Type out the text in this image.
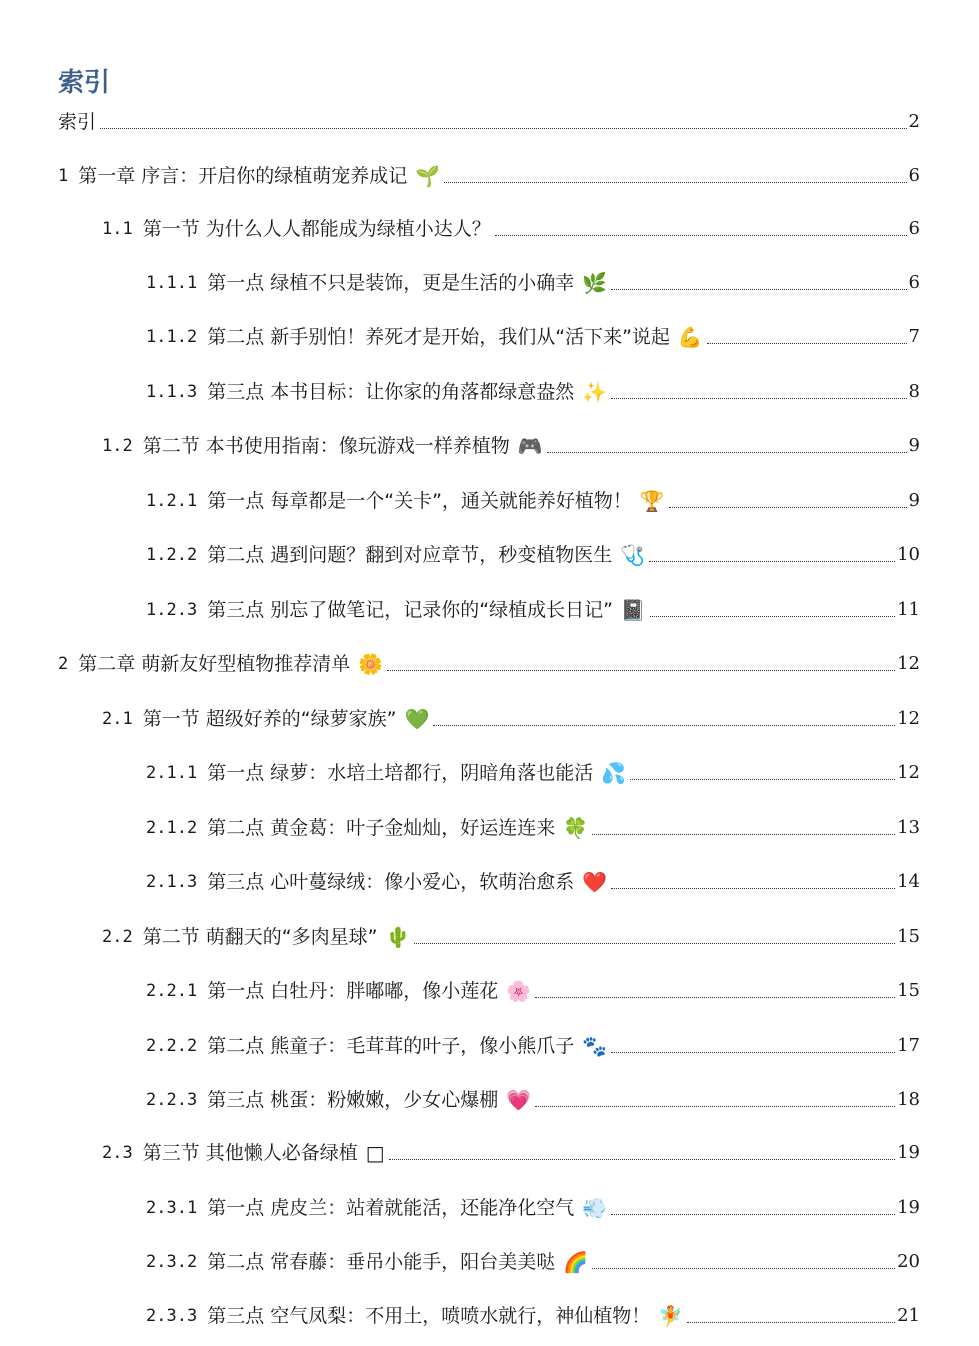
索引
索引	2
1 第一章 序言：开启你的绿植萌宠养成记 🌱	6
1.1 第一节 为什么人人都能成为绿植小达人？	6
1.1.1 第一点 绿植不只是装饰，更是生活的小确幸 🌿	6
1.1.2 第二点 新手别怕！养死才是开始，我们从“活下来”说起 💪	7
1.1.3 第三点 本书目标：让你家的角落都绿意盎然 ✨	8
1.2 第二节 本书使用指南：像玩游戏一样养植物 🎮	9
1.2.1 第一点 每章都是一个“关卡”，通关就能养好植物！ 🏆	9
1.2.2 第二点 遇到问题？翻到对应章节，秒变植物医生 🩺	10
1.2.3 第三点 别忘了做笔记，记录你的“绿植成长日记” 📓	11
2 第二章 萌新友好型植物推荐清单 🌼	12
2.1 第一节 超级好养的“绿萝家族” 💚	12
2.1.1 第一点 绿萝：水培土培都行，阴暗角落也能活 💦	12
2.1.2 第二点 黄金葛：叶子金灿灿，好运连连来 🍀	13
2.1.3 第三点 心叶蔓绿绒：像小爱心，软萌治愈系 ❤️	14
2.2 第二节 萌翻天的“多肉星球” 🌵	15
2.2.1 第一点 白牡丹：胖嘟嘟，像小莲花 🌸	15
2.2.2 第二点 熊童子：毛茸茸的叶子，像小熊爪子 🐾	17
2.2.3 第三点 桃蛋：粉嫩嫩，少女心爆棚 💗	18
2.3 第三节 其他懒人必备绿植 □	19
2.3.1 第一点 虎皮兰：站着就能活，还能净化空气 💨	19
2.3.2 第二点 常春藤：垂吊小能手，阳台美美哒 🌈	20
2.3.3 第三点 空气凤梨：不用土，喷喷水就行，神仙植物！ 🧚	21
